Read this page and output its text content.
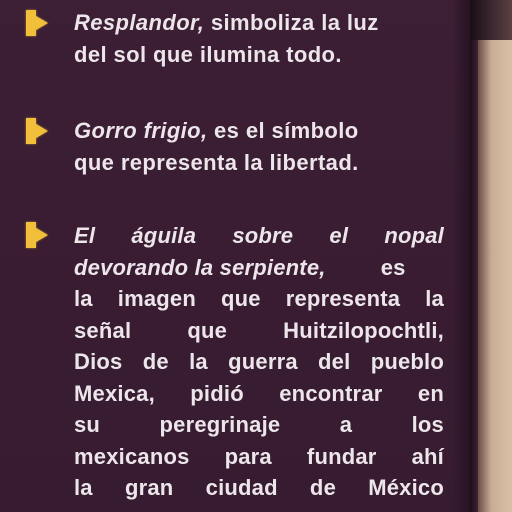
Resplandor, simboliza la luz
del sol que ilumina todo.
Gorro frigio, es el símbolo
que representa la libertad.
El águila sobre el nopal
devorando la serpiente,	es
la imagen que representa la
señal que Huitzilopochtli,
Dios de la guerra del pueblo
Mexica, pidió encontrar en
su peregrinaje a los
mexicanos para fundar ahí
la gran ciudad de México
